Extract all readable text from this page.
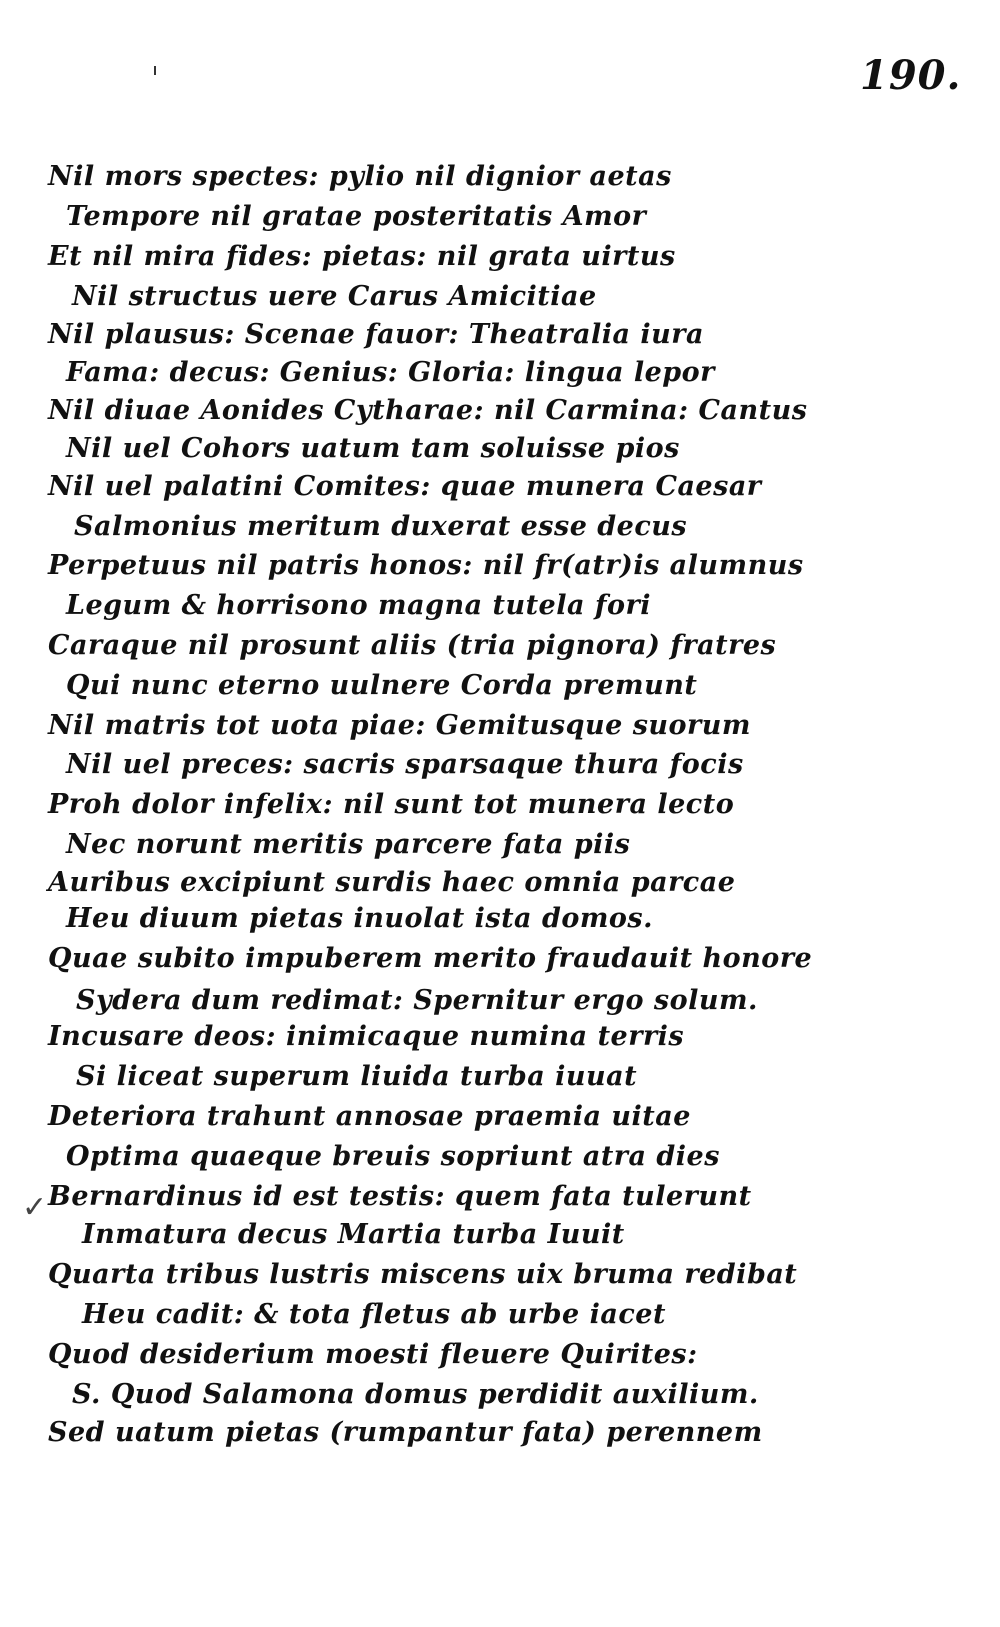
190.
✓
Nil mors spectes: pylio nil dignior aetas
Tempore nil gratae posteritatis Amor
Et nil mira fides: pietas: nil grata uirtus
Nil structus uere Carus Amicitiae
Nil plausus: Scenae fauor: Theatralia iura
Fama: decus: Genius: Gloria: lingua lepor
Nil diuae Aonides Cytharae: nil Carmina: Cantus
Nil uel Cohors uatum tam soluisse pios
Nil uel palatini Comites: quae munera Caesar
Salmonius meritum duxerat esse decus
Perpetuus nil patris honos: nil fr(atr)is alumnus
Legum & horrisono magna tutela fori
Caraque nil prosunt aliis (tria pignora) fratres
Qui nunc eterno uulnere Corda premunt
Nil matris tot uota piae: Gemitusque suorum
Nil uel preces: sacris sparsaque thura focis
Proh dolor infelix: nil sunt tot munera lecto
Nec norunt meritis parcere fata piis
Auribus excipiunt surdis haec omnia parcae
Heu diuum pietas inuolat ista domos.
Quae subito impuberem merito fraudauit honore
Sydera dum redimat: Spernitur ergo solum.
Incusare deos: inimicaque numina terris
Si liceat superum liuida turba iuuat
Deteriora trahunt annosae praemia uitae
Optima quaeque breuis sopriunt atra dies
Bernardinus id est testis: quem fata tulerunt
Inmatura decus Martia turba Iuuit
Quarta tribus lustris miscens uix bruma redibat
Heu cadit: & tota fletus ab urbe iacet
Quod desiderium moesti fleuere Quirites:
S. Quod Salamona domus perdidit auxilium.
Sed uatum pietas (rumpantur fata) perennem
